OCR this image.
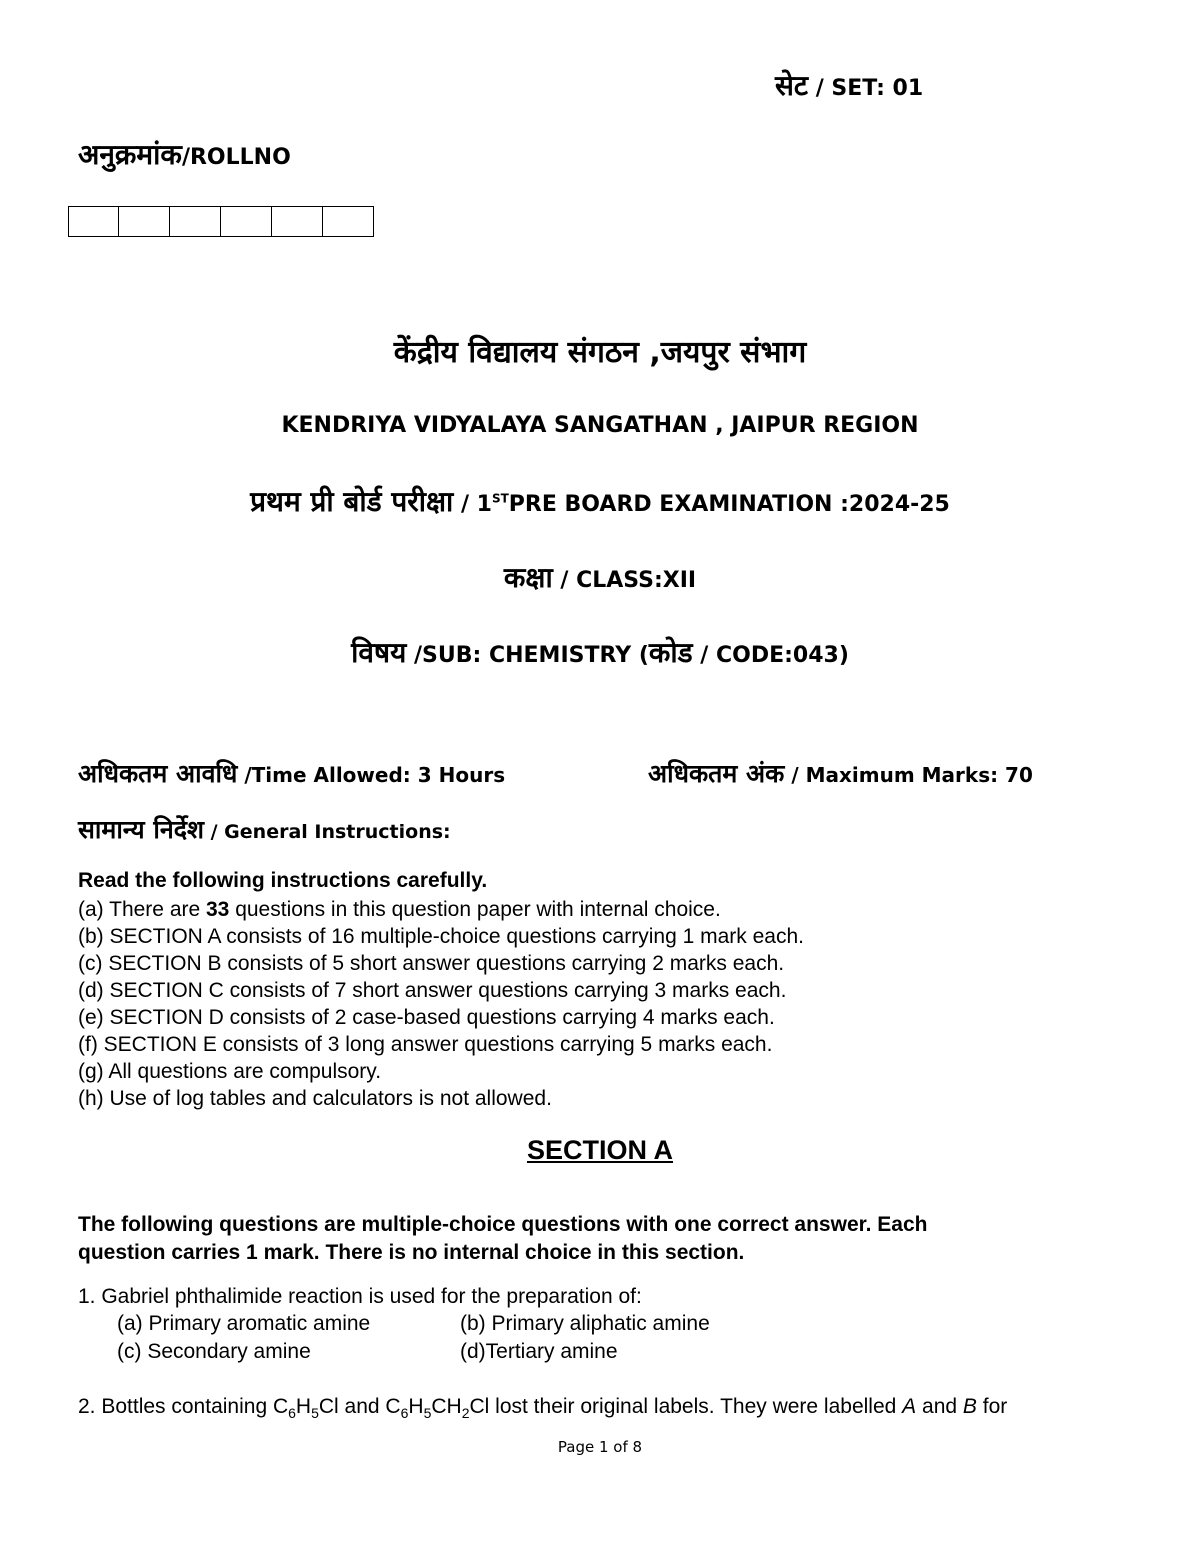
सेट / SET: 01
अनुक्रमांक/ROLLNO
केंद्रीय विद्यालय संगठन ,जयपुर संभाग
KENDRIYA VIDYALAYA SANGATHAN , JAIPUR REGION
प्रथम प्री बोर्ड परीक्षा / 1STPRE BOARD EXAMINATION :2024-25
कक्षा / CLASS:XII
विषय /SUB: CHEMISTRY (कोड / CODE:043)
अधिकतम आवधि /Time Allowed: 3 Hours	अधिकतम अंक / Maximum Marks: 70
सामान्य निर्देश / General Instructions:
Read the following instructions carefully.
(a) There are 33 questions in this question paper with internal choice.
(b) SECTION A consists of 16 multiple-choice questions carrying 1 mark each.
(c) SECTION B consists of 5 short answer questions carrying 2 marks each.
(d) SECTION C consists of 7 short answer questions carrying 3 marks each.
(e) SECTION D consists of 2 case-based questions carrying 4 marks each.
(f) SECTION E consists of 3 long answer questions carrying 5 marks each.
(g) All questions are compulsory.
(h) Use of log tables and calculators is not allowed.
SECTION A
The following questions are multiple-choice questions with one correct answer. Each
question carries 1 mark. There is no internal choice in this section.
1. Gabriel phthalimide reaction is used for the preparation of:
(a) Primary aromatic amine	(b) Primary aliphatic amine
(c) Secondary amine	(d)Tertiary amine
2. Bottles containing $C_6H_5Cl$ and $C_6H_5CH_2Cl$ lost their original labels. They were labelled A and B for
Page 1 of 8
